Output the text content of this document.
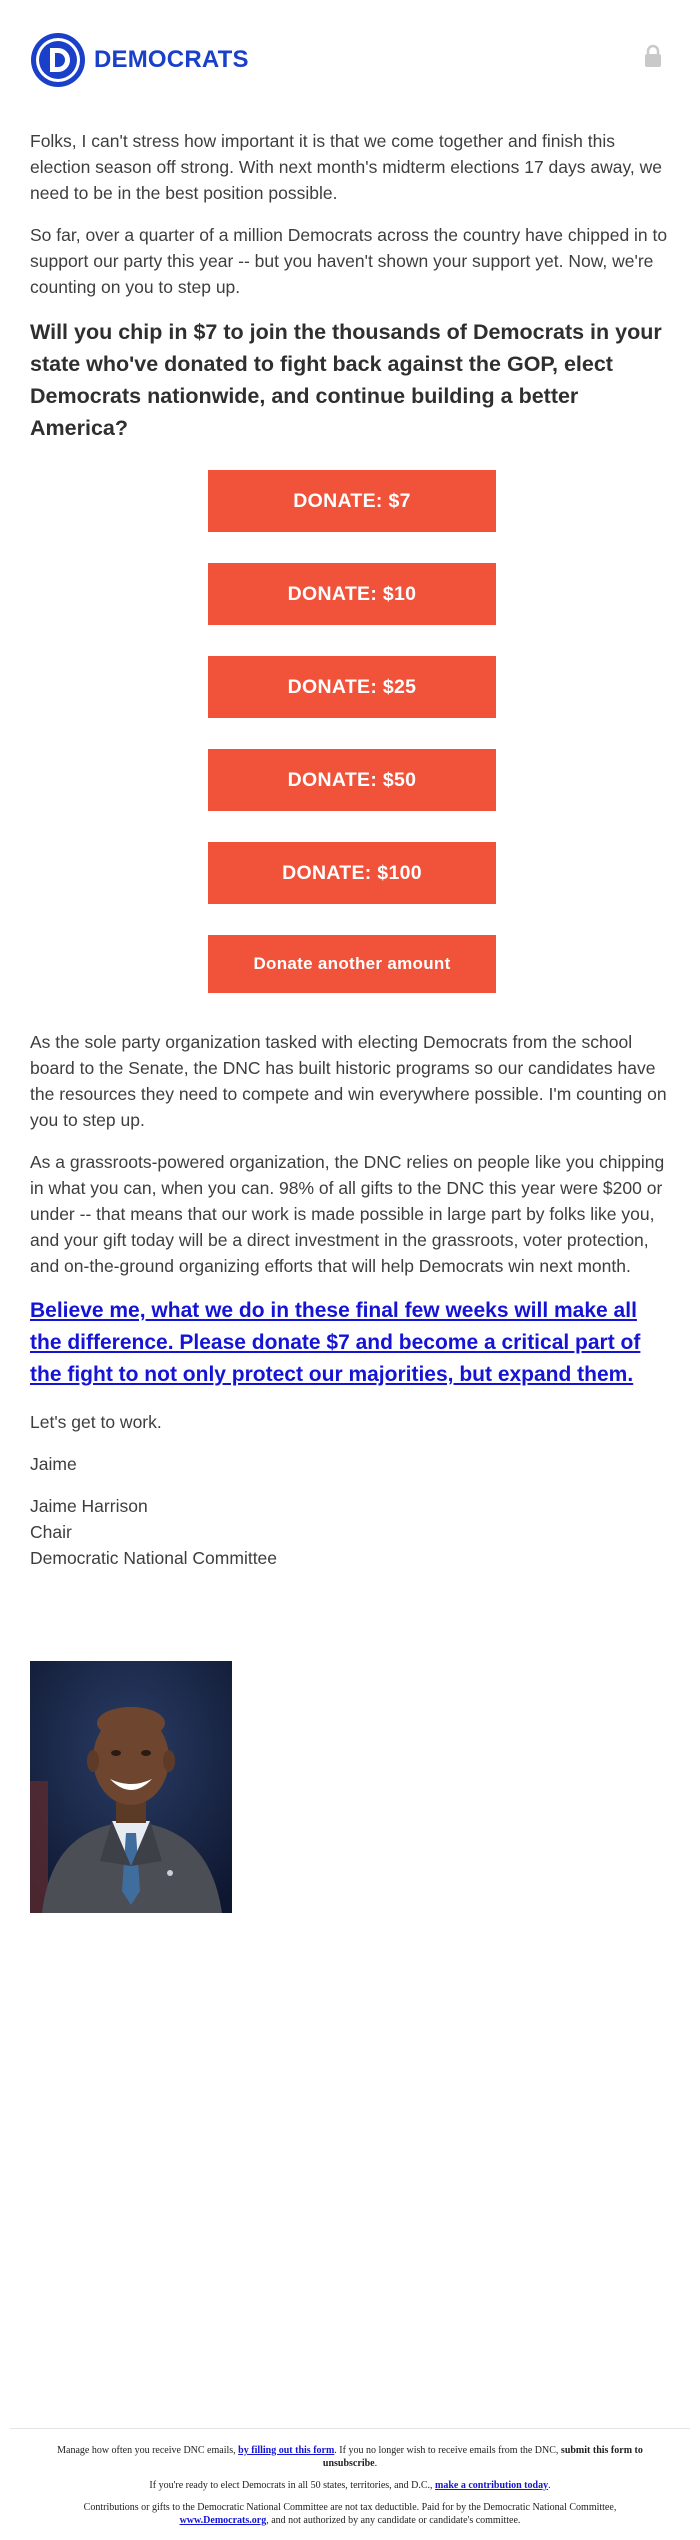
DEMOCRATS

Folks, I can't stress how important it is that we come together and finish this election season off strong. With next month's midterm elections 17 days away, we need to be in the best position possible.

So far, over a quarter of a million Democrats across the country have chipped in to support our party this year -- but you haven't shown your support yet. Now, we're counting on you to step up.

Will you chip in $7 to join the thousands of Democrats in your state who've donated to fight back against the GOP, elect Democrats nationwide, and continue building a better America?
DONATE: $7
DONATE: $10
DONATE: $25
DONATE: $50
DONATE: $100
Donate another amount

As the sole party organization tasked with electing Democrats from the school board to the Senate, the DNC has built historic programs so our candidates have the resources they need to compete and win everywhere possible. I'm counting on you to step up.

As a grassroots-powered organization, the DNC relies on people like you chipping in what you can, when you can. 98% of all gifts to the DNC this year were $200 or under -- that means that our work is made possible in large part by folks like you, and your gift today will be a direct investment in the grassroots, voter protection, and on-the-ground organizing efforts that will help Democrats win next month.

Believe me, what we do in these final few weeks will make all the difference. Please donate $7 and become a critical part of the fight to not only protect our majorities, but expand them.

Let's get to work.

Jaime

Jaime Harrison

Chair

Democratic National Committee

Manage how often you receive DNC emails, by filling out this form. If you no longer wish to receive emails from the DNC, submit this form to unsubscribe.

If you're ready to elect Democrats in all 50 states, territories, and D.C., make a contribution today.

Contributions or gifts to the Democratic National Committee are not tax deductible. Paid for by the Democratic National Committee, www.Democrats.org, and not authorized by any candidate or candidate's committee.
